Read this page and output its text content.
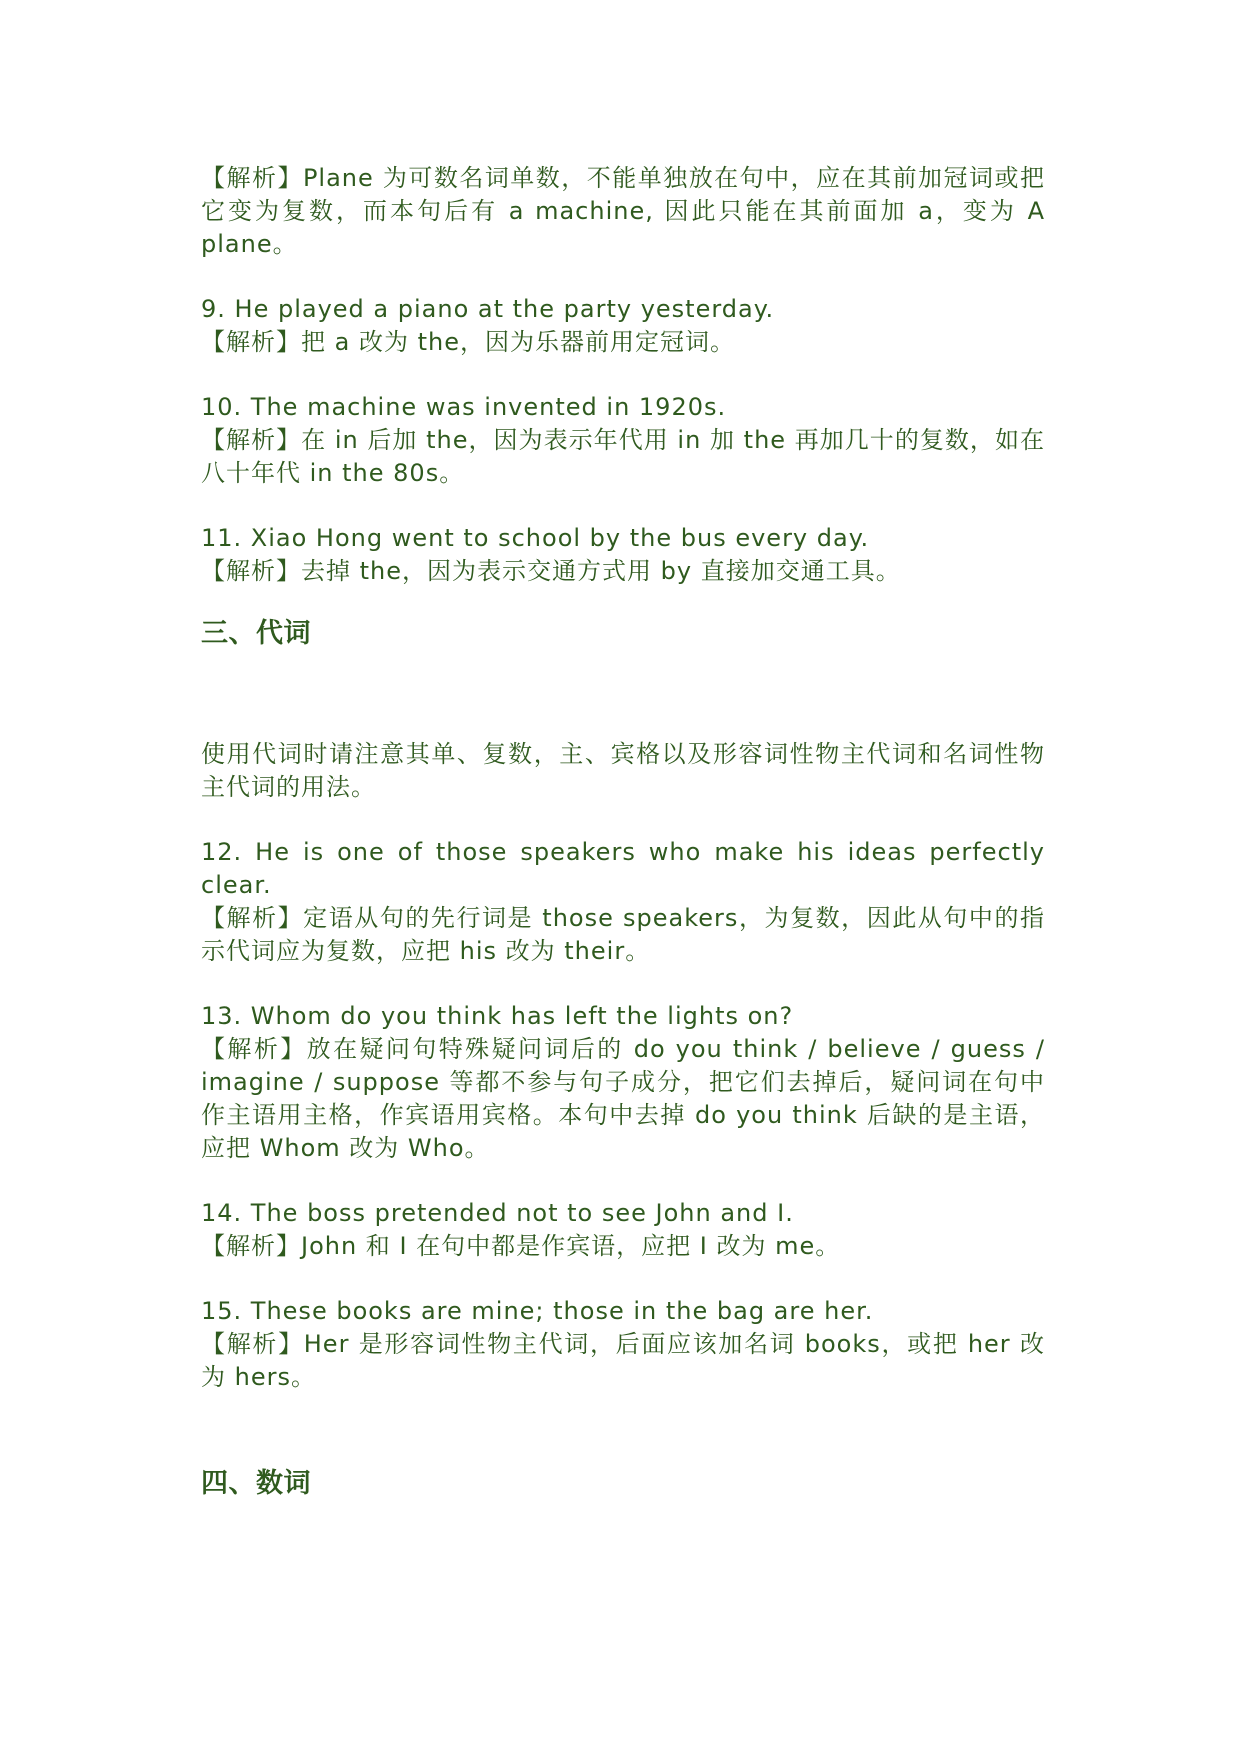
【解析】Plane 为可数名词单数，不能单独放在句中，应在其前加冠词或把它变为复数，而本句后有 a machine, 因此只能在其前面加 a，变为 A plane。

9. He played a piano at the party yesterday.

【解析】把 a 改为 the，因为乐器前用定冠词。

10. The machine was invented in 1920s.

【解析】在 in 后加 the，因为表示年代用 in 加 the 再加几十的复数，如在八十年代 in the 80s。

11. Xiao Hong went to school by the bus every day.

【解析】去掉 the，因为表示交通方式用 by 直接加交通工具。

三、代词

使用代词时请注意其单、复数，主、宾格以及形容词性物主代词和名词性物主代词的用法。

12. He is one of those speakers who make his ideas perfectly clear.

【解析】定语从句的先行词是 those speakers，为复数，因此从句中的指示代词应为复数，应把 his 改为 their。

13. Whom do you think has left the lights on?

【解析】放在疑问句特殊疑问词后的 do you think / believe / guess / imagine / suppose 等都不参与句子成分，把它们去掉后，疑问词在句中作主语用主格，作宾语用宾格。本句中去掉 do you think 后缺的是主语，应把 Whom 改为 Who。

14. The boss pretended not to see John and I.

【解析】John 和 I 在句中都是作宾语，应把 I 改为 me。

15. These books are mine; those in the bag are her.

【解析】Her 是形容词性物主代词，后面应该加名词 books，或把 her 改为 hers。

四、数词
